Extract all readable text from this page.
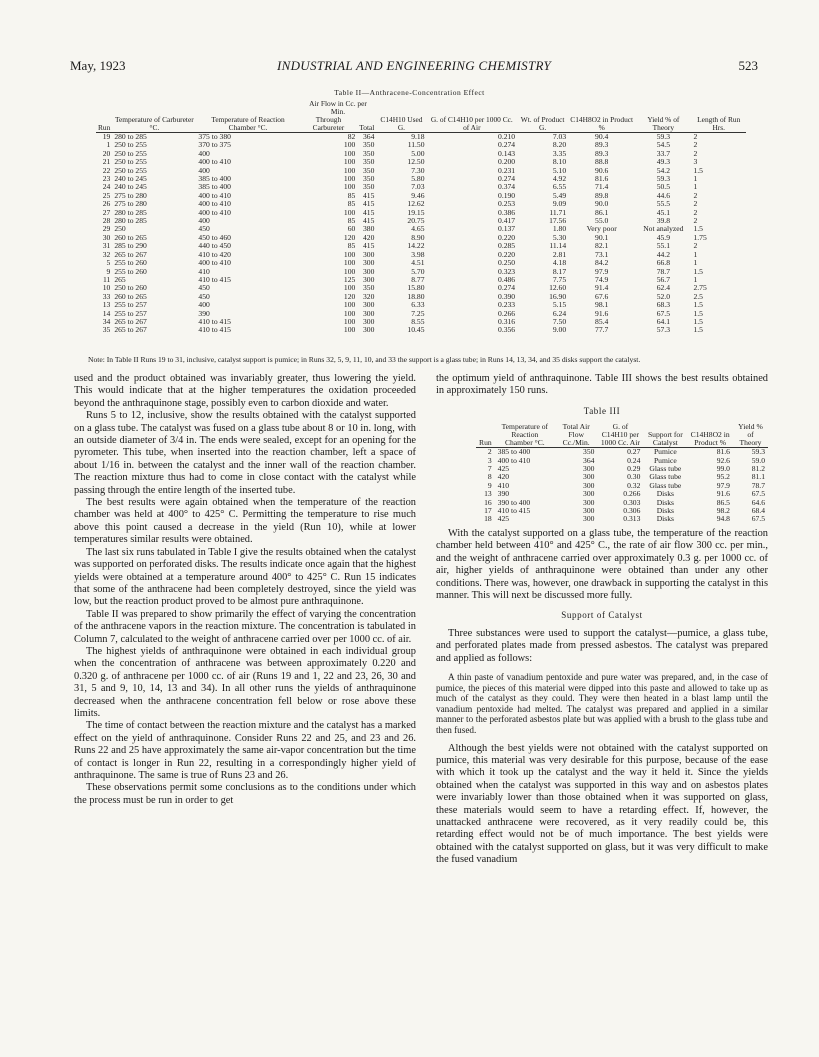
May, 1923	INDUSTRIAL AND ENGINEERING CHEMISTRY	523
Table II—Anthracene-Concentration Effect
Run	Temperature of Carbureter °C.	Temperature of Reaction Chamber °C.	Air Flow in Cc. per Min.		C14H10 Used G.	G. of C14H10 per 1000 Cc. of Air	Wt. of Product G.	C14H8O2 in Product %	Yield % of Theory	Length of Run Hrs.
			Through Carbureter	Total						

19	280 to 285	375 to 380	82	364	9.18	0.210	7.03	90.4	59.3	2
1	250 to 255	370 to 375	100	350	11.50	0.274	8.20	89.3	54.5	2
20	250 to 255	400	100	350	5.00	0.143	3.35	89.3	33.7	2
21	250 to 255	400 to 410	100	350	12.50	0.200	8.10	88.8	49.3	3
22	250 to 255	400	100	350	7.30	0.231	5.10	90.6	54.2	1.5
23	240 to 245	385 to 400	100	350	5.80	0.274	4.92	81.6	59.3	1
24	240 to 245	385 to 400	100	350	7.03	0.374	6.55	71.4	50.5	1
25	275 to 280	400 to 410	85	415	9.46	0.190	5.49	89.8	44.6	2
26	275 to 280	400 to 410	85	415	12.62	0.253	9.09	90.0	55.5	2
27	280 to 285	400 to 410	100	415	19.15	0.386	11.71	86.1	45.1	2
28	280 to 285	400	85	415	20.75	0.417	17.56	55.0	39.8	2
29	250	450	60	380	4.65	0.137	1.80	Very poor	Not analyzed	1.5
30	260 to 265	450 to 460	120	420	8.90	0.220	5.30	90.1	45.9	1.75
31	285 to 290	440 to 450	85	415	14.22	0.285	11.14	82.1	55.1	2
32	265 to 267	410 to 420	100	300	3.98	0.220	2.81	73.1	44.2	1
5	255 to 260	400 to 410	100	300	4.51	0.250	4.18	84.2	66.8	1
9	255 to 260	410	100	300	5.70	0.323	8.17	97.9	78.7	1.5
11	265	410 to 415	125	300	8.77	0.486	7.75	74.9	56.7	1
10	250 to 260	450	100	350	15.80	0.274	12.60	91.4	62.4	2.75
33	260 to 265	450	120	320	18.80	0.390	16.90	67.6	52.0	2.5
13	255 to 257	400	100	300	6.33	0.233	5.15	98.1	68.3	1.5
14	255 to 257	390	100	300	7.25	0.266	6.24	91.6	67.5	1.5
34	265 to 267	410 to 415	100	300	8.55	0.316	7.50	85.4	64.1	1.5
35	265 to 267	410 to 415	100	300	10.45	0.356	9.00	77.7	57.3	1.5
Note: In Table II Runs 19 to 31, inclusive, catalyst support is pumice; in Runs 32, 5, 9, 11, 10, and 33 the support is a glass tube; in Runs 14, 13, 34, and 35 disks support the catalyst.

used and the product obtained was invariably greater, thus lowering the yield. This would indicate that at the higher temperatures the oxidation proceeded beyond the anthraquinone stage, possibly even to carbon dioxide and water.

Runs 5 to 12, inclusive, show the results obtained with the catalyst supported on a glass tube. The catalyst was fused on a glass tube about 8 or 10 in. long, with an outside diameter of 3/4 in. The ends were sealed, except for an opening for the pyrometer. This tube, when inserted into the reaction chamber, left a space of about 1/16 in. between the catalyst and the inner wall of the reaction chamber. The reaction mixture thus had to come in close contact with the catalyst while passing through the entire length of the inserted tube.

The best results were again obtained when the temperature of the reaction chamber was held at 400° to 425° C. Permitting the temperature to rise much above this point caused a decrease in the yield (Run 10), while at lower temperatures similar results were obtained.

The last six runs tabulated in Table I give the results obtained when the catalyst was supported on perforated disks. The results indicate once again that the highest yields were obtained at a temperature around 400° to 425° C. Run 15 indicates that some of the anthracene had been completely destroyed, since the yield was low, but the reaction product proved to be almost pure anthraquinone.

Table II was prepared to show primarily the effect of varying the concentration of the anthracene vapors in the reaction mixture. The concentration is tabulated in Column 7, calculated to the weight of anthracene carried over per 1000 cc. of air.

The highest yields of anthraquinone were obtained in each individual group when the concentration of anthracene was between approximately 0.220 and 0.320 g. of anthracene per 1000 cc. of air (Runs 19 and 1, 22 and 23, 26, 30 and 31, 5 and 9, 10, 14, 13 and 34). In all other runs the yields of anthraquinone decreased when the anthracene concentration fell below or rose above these limits.

The time of contact between the reaction mixture and the catalyst has a marked effect on the yield of anthraquinone. Consider Runs 22 and 25, and 23 and 26. Runs 22 and 25 have approximately the same air-vapor concentration but the time of contact is longer in Run 22, resulting in a correspondingly higher yield of anthraquinone. The same is true of Runs 23 and 26.

These observations permit some conclusions as to the conditions under which the process must be run in order to get

the optimum yield of anthraquinone. Table III shows the best results obtained in approximately 150 runs.

Table III
Run	Temperature of Reaction Chamber °C.	Total Air Flow Cc./Min.	G. of C14H10 per 1000 Cc. Air	Support for Catalyst	C14H8O2 in Product %	Yield % of Theory

2	385 to 400	350	0.27	Pumice	81.6	59.3
3	400 to 410	364	0.24	Pumice	92.6	59.0
7	425	300	0.29	Glass tube	99.0	81.2
8	420	300	0.30	Glass tube	95.2	81.1
9	410	300	0.32	Glass tube	97.9	78.7
13	390	300	0.266	Disks	91.6	67.5
16	390 to 400	300	0.303	Disks	86.5	64.6
17	410 to 415	300	0.306	Disks	98.2	68.4
18	425	300	0.313	Disks	94.8	67.5

With the catalyst supported on a glass tube, the temperature of the reaction chamber held between 410° and 425° C., the rate of air flow 300 cc. per min., and the weight of anthracene carried over approximately 0.3 g. per 1000 cc. of air, higher yields of anthraquinone were obtained than under any other conditions. There was, however, one drawback in supporting the catalyst in this manner. This will next be discussed more fully.

Support of Catalyst

Three substances were used to support the catalyst—pumice, a glass tube, and perforated plates made from pressed asbestos. The catalyst was prepared and applied as follows:

A thin paste of vanadium pentoxide and pure water was prepared, and, in the case of pumice, the pieces of this material were dipped into this paste and allowed to take up as much of the catalyst as they could. They were then heated in a blast lamp until the vanadium pentoxide had melted. The catalyst was prepared and applied in a similar manner to the perforated asbestos plate but was applied with a brush to the glass tube and then fused.

Although the best yields were not obtained with the catalyst supported on pumice, this material was very desirable for this purpose, because of the ease with which it took up the catalyst and the way it held it. Since the yields obtained when the catalyst was supported in this way and on asbestos plates were invariably lower than those obtained when it was supported on glass, these materials would seem to have a retarding effect. If, however, the unattacked anthracene were recovered, as it very readily could be, this retarding effect would not be of much importance. The best yields were obtained with the catalyst supported on glass, but it was very difficult to make the fused vanadium
